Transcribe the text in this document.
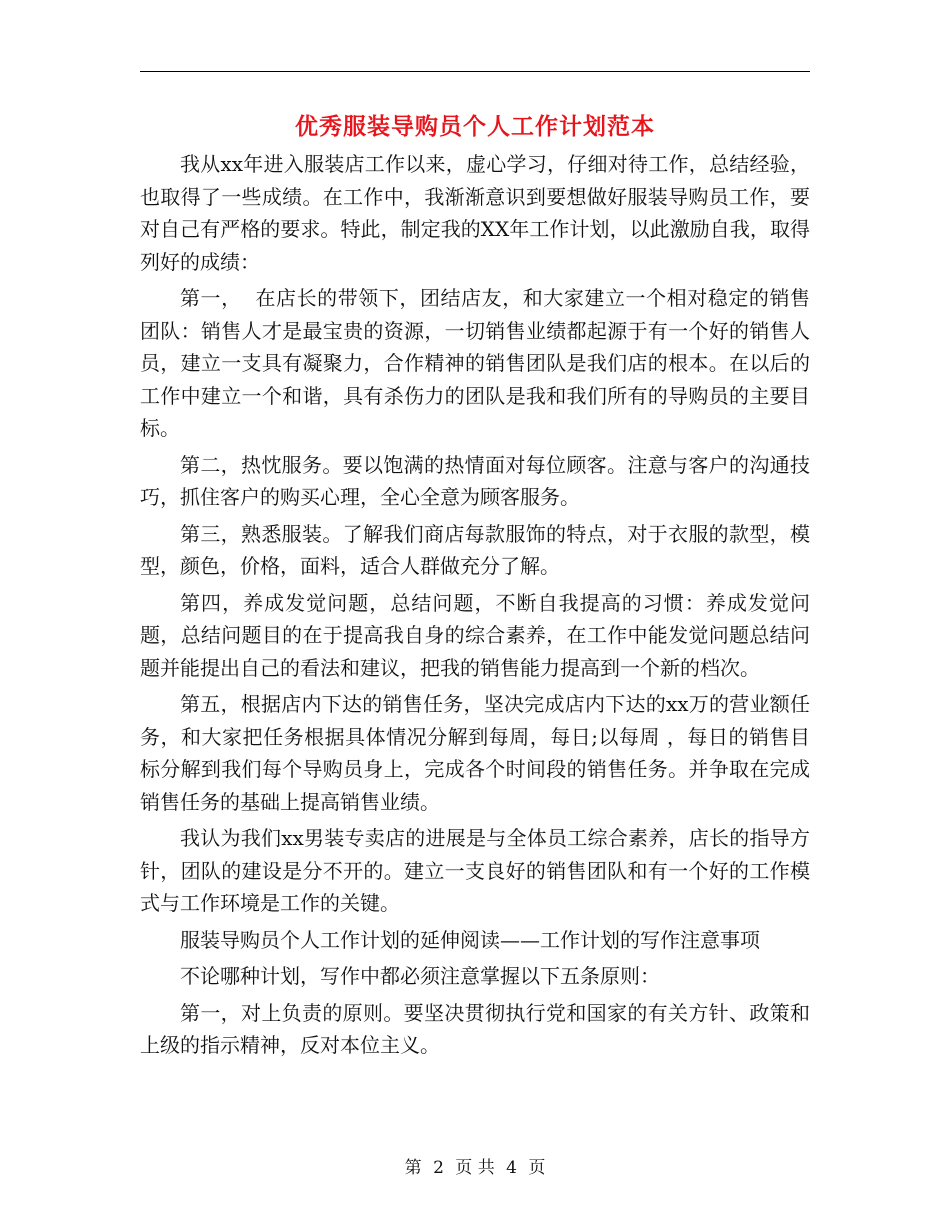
优秀服装导购员个人工作计划范本

我从xx年进入服装店工作以来，虚心学习，仔细对待工作，总结经验，也取得了一些成绩。在工作中，我渐渐意识到要想做好服装导购员工作，要对自己有严格的要求。特此，制定我的XX年工作计划，以此激励自我，取得列好的成绩：

第一，  在店长的带领下，团结店友，和大家建立一个相对稳定的销售团队：销售人才是最宝贵的资源，一切销售业绩都起源于有一个好的销售人员，建立一支具有凝聚力，合作精神的销售团队是我们店的根本。在以后的工作中建立一个和谐，具有杀伤力的团队是我和我们所有的导购员的主要目标。

第二，热忱服务。要以饱满的热情面对每位顾客。注意与客户的沟通技巧，抓住客户的购买心理，全心全意为顾客服务。

第三，熟悉服装。了解我们商店每款服饰的特点，对于衣服的款型，模型，颜色，价格，面料，适合人群做充分了解。

第四，养成发觉问题，总结问题，不断自我提高的习惯：养成发觉问题，总结问题目的在于提高我自身的综合素养，在工作中能发觉问题总结问题并能提出自己的看法和建议，把我的销售能力提高到一个新的档次。

第五，根据店内下达的销售任务，坚决完成店内下达的xx万的营业额任务，和大家把任务根据具体情况分解到每周，每日;以每周 ，每日的销售目标分解到我们每个导购员身上，完成各个时间段的销售任务。并争取在完成销售任务的基础上提高销售业绩。

我认为我们xx男装专卖店的进展是与全体员工综合素养，店长的指导方针，团队的建设是分不开的。建立一支良好的销售团队和有一个好的工作模式与工作环境是工作的关键。

服装导购员个人工作计划的延伸阅读——工作计划的写作注意事项

不论哪种计划，写作中都必须注意掌握以下五条原则：

第一，对上负责的原则。要坚决贯彻执行党和国家的有关方针、政策和上级的指示精神，反对本位主义。

第 2 页 共 4 页
